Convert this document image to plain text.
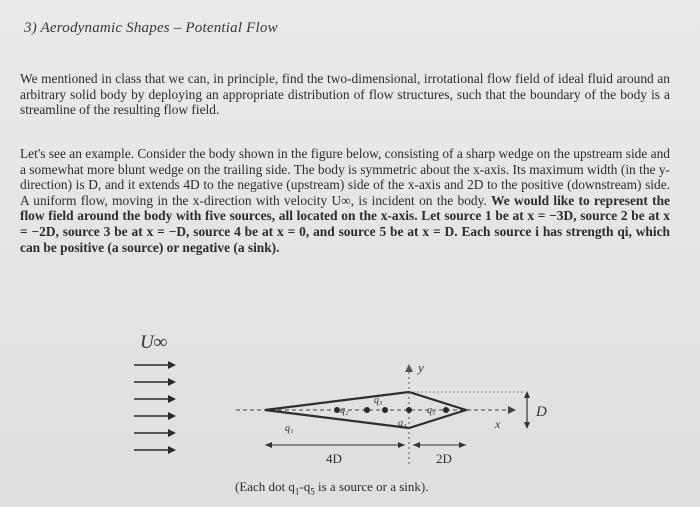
3) Aerodynamic Shapes – Potential Flow
We mentioned in class that we can, in principle, find the two-dimensional, irrotational flow field of ideal fluid around an arbitrary solid body by deploying an appropriate distribution of flow structures, such that the boundary of the body is a streamline of the resulting flow field.
Let's see an example. Consider the body shown in the figure below, consisting of a sharp wedge on the upstream side and a somewhat more blunt wedge on the trailing side. The body is symmetric about the x-axis. Its maximum width (in the y-direction) is D, and it extends 4D to the negative (upstream) side of the x-axis and 2D to the positive (downstream) side. A uniform flow, moving in the x-direction with velocity U∞, is incident on the body. We would like to represent the flow field around the body with five sources, all located on the x-axis. Let source 1 be at x = −3D, source 2 be at x = −2D, source 3 be at x = −D, source 4 be at x = 0, and source 5 be at x = D. Each source i has strength qi, which can be positive (a source) or negative (a sink).
U∞
x
y
D
q₁
q₂
q₃
q₄
q₅
4D	2D
(Each dot $q_1-q_5$ is a source or a sink).
